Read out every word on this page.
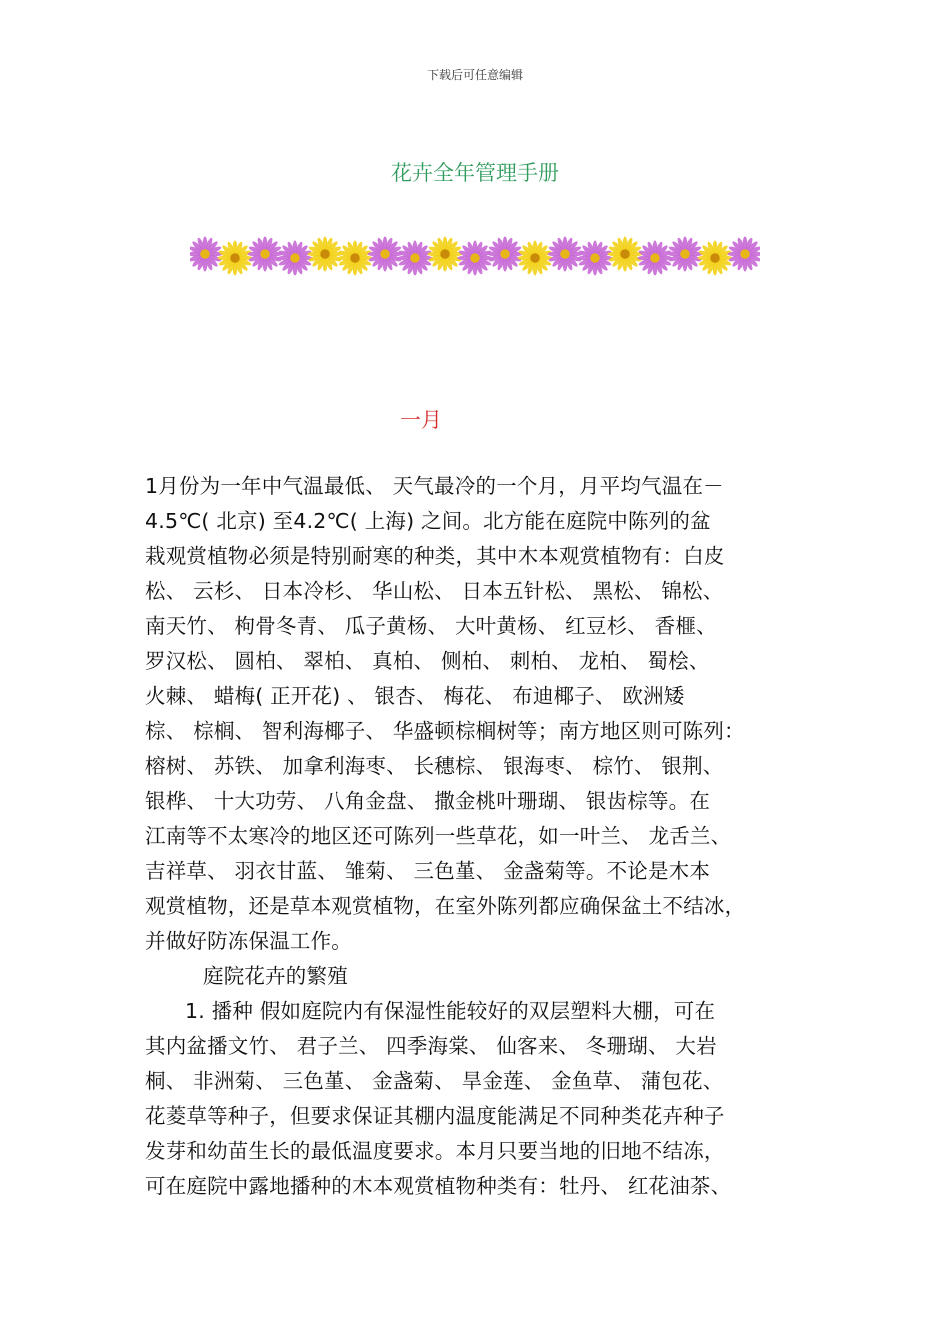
下载后可任意编辑
花卉全年管理手册
一月
1月份为一年中气温最低、 天气最冷的一个月，月平均气温在－
4.5℃( 北京) 至4.2℃( 上海) 之间。北方能在庭院中陈列的盆
栽观赏植物必须是特别耐寒的种类，其中木本观赏植物有：白皮
松、 云杉、 日本冷杉、 华山松、 日本五针松、 黑松、 锦松、
南天竹、 枸骨冬青、 瓜子黄杨、 大叶黄杨、 红豆杉、 香榧、
罗汉松、 圆柏、 翠柏、 真柏、 侧柏、 刺柏、 龙柏、 蜀桧、
火棘、 蜡梅( 正开花) 、 银杏、 梅花、 布迪椰子、 欧洲矮
棕、 棕榈、 智利海椰子、 华盛顿棕榈树等；南方地区则可陈列：
榕树、 苏铁、 加拿利海枣、 长穗棕、 银海枣、 棕竹、 银荆、
银桦、 十大功劳、 八角金盘、 撒金桃叶珊瑚、 银齿棕等。在
江南等不太寒冷的地区还可陈列一些草花，如一叶兰、 龙舌兰、
吉祥草、 羽衣甘蓝、 雏菊、 三色堇、 金盏菊等。不论是木本
观赏植物，还是草本观赏植物，在室外陈列都应确保盆土不结冰，
并做好防冻保温工作。
庭院花卉的繁殖
1. 播种 假如庭院内有保湿性能较好的双层塑料大棚，可在
其内盆播文竹、 君子兰、 四季海棠、 仙客来、 冬珊瑚、 大岩
桐、 非洲菊、 三色堇、 金盏菊、 旱金莲、 金鱼草、 蒲包花、
花菱草等种子，但要求保证其棚内温度能满足不同种类花卉种子
发芽和幼苗生长的最低温度要求。本月只要当地的旧地不结冻，
可在庭院中露地播种的木本观赏植物种类有：牡丹、 红花油茶、
